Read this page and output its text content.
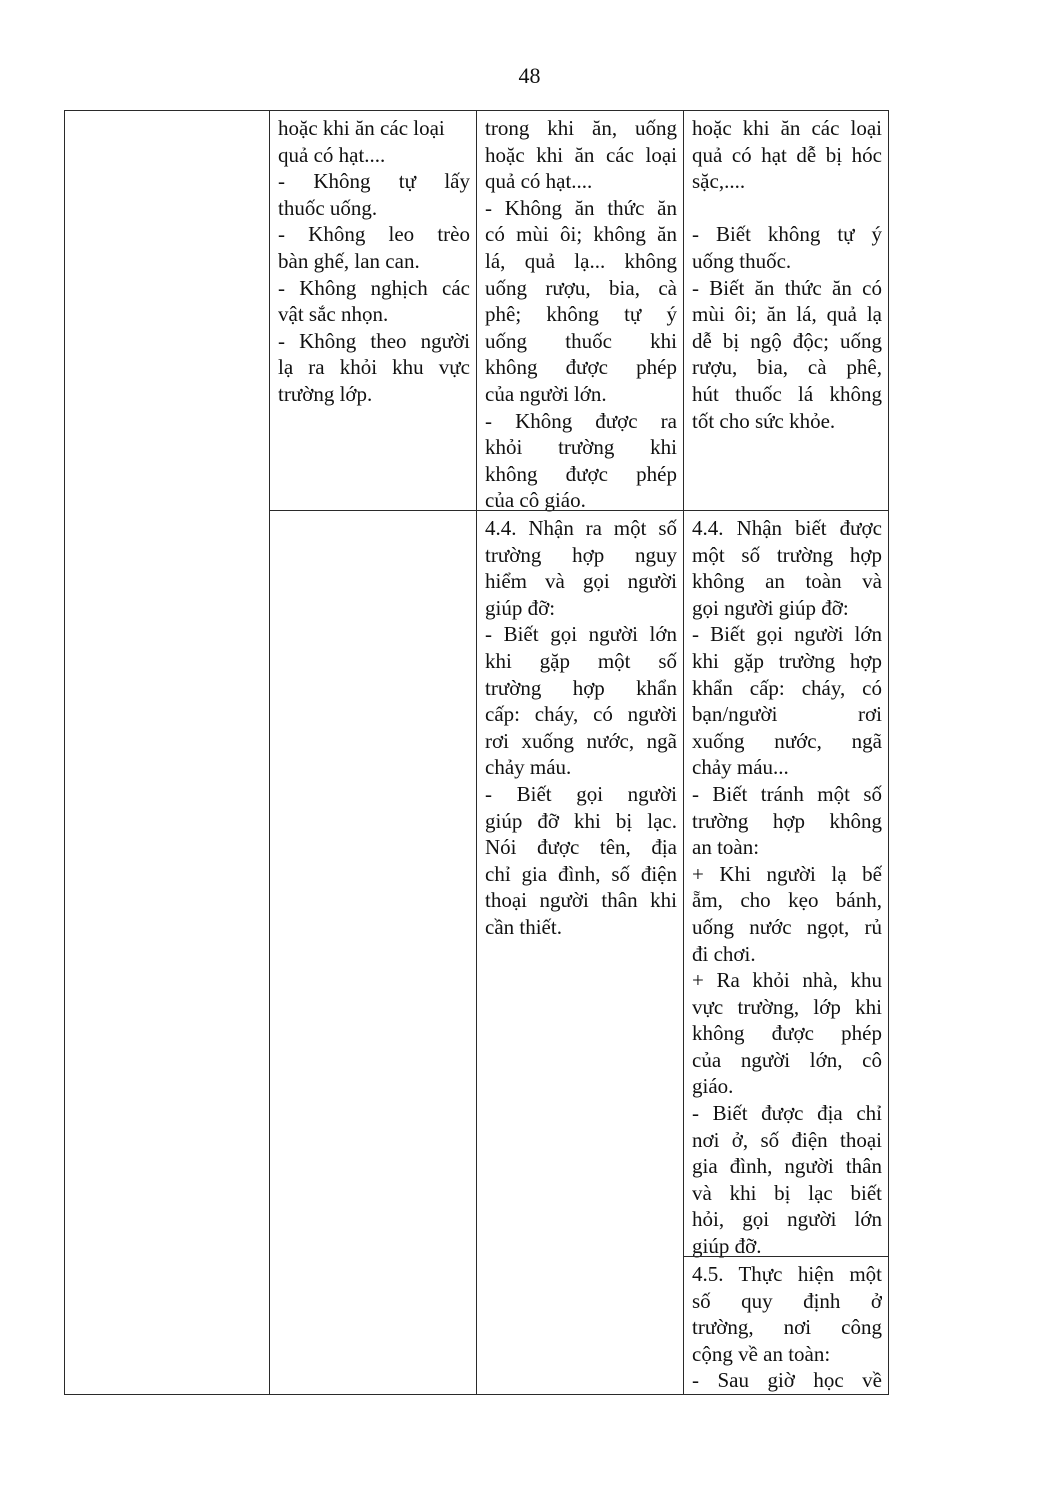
48
hoặc khi ăn các loại
quả có hạt....
- Không tự lấy
thuốc uống.
- Không leo trèo
bàn ghế, lan can.
- Không nghịch các
vật sắc nhọn.
- Không theo người
lạ ra khỏi khu vực
trường lớp.
trong khi ăn, uống
hoặc khi ăn các loại
quả có hạt....
- Không ăn thức ăn
có mùi ôi; không ăn
lá, quả lạ... không
uống rượu, bia, cà
phê; không tự ý
uống thuốc khi
không được phép
của người lớn.
- Không được ra
khỏi trường khi
không được phép
của cô giáo.
4.4. Nhận ra một số
trường hợp nguy
hiểm và gọi người
giúp đỡ:
- Biết gọi người lớn
khi gặp một số
trường hợp khẩn
cấp: cháy, có người
rơi xuống nước, ngã
chảy máu.
- Biết gọi người
giúp đỡ khi bị lạc.
Nói được tên, địa
chỉ gia đình, số điện
thoại người thân khi
cần thiết.
hoặc khi ăn các loại
quả có hạt dễ bị hóc
sặc,....
- Biết không tự ý
uống thuốc.
- Biết ăn thức ăn có
mùi ôi; ăn lá, quả lạ
dễ bị ngộ độc; uống
rượu, bia, cà phê,
hút thuốc lá không
tốt cho sức khỏe.
4.4. Nhận biết được
một số trường hợp
không an toàn và
gọi người giúp đỡ:
- Biết gọi người lớn
khi gặp trường hợp
khẩn cấp: cháy, có
bạn/người rơi
xuống nước, ngã
chảy máu...
- Biết tránh một số
trường hợp không
an toàn:
+ Khi người lạ bế
ẵm, cho kẹo bánh,
uống nước ngọt, rủ
đi chơi.
+ Ra khỏi nhà, khu
vực trường, lớp khi
không được phép
của người lớn, cô
giáo.
- Biết được địa chỉ
nơi ở, số điện thoại
gia đình, người thân
và khi bị lạc biết
hỏi, gọi người lớn
giúp đỡ.
4.5. Thực hiện một
số quy định ở
trường, nơi công
cộng về an toàn:
- Sau giờ học về
